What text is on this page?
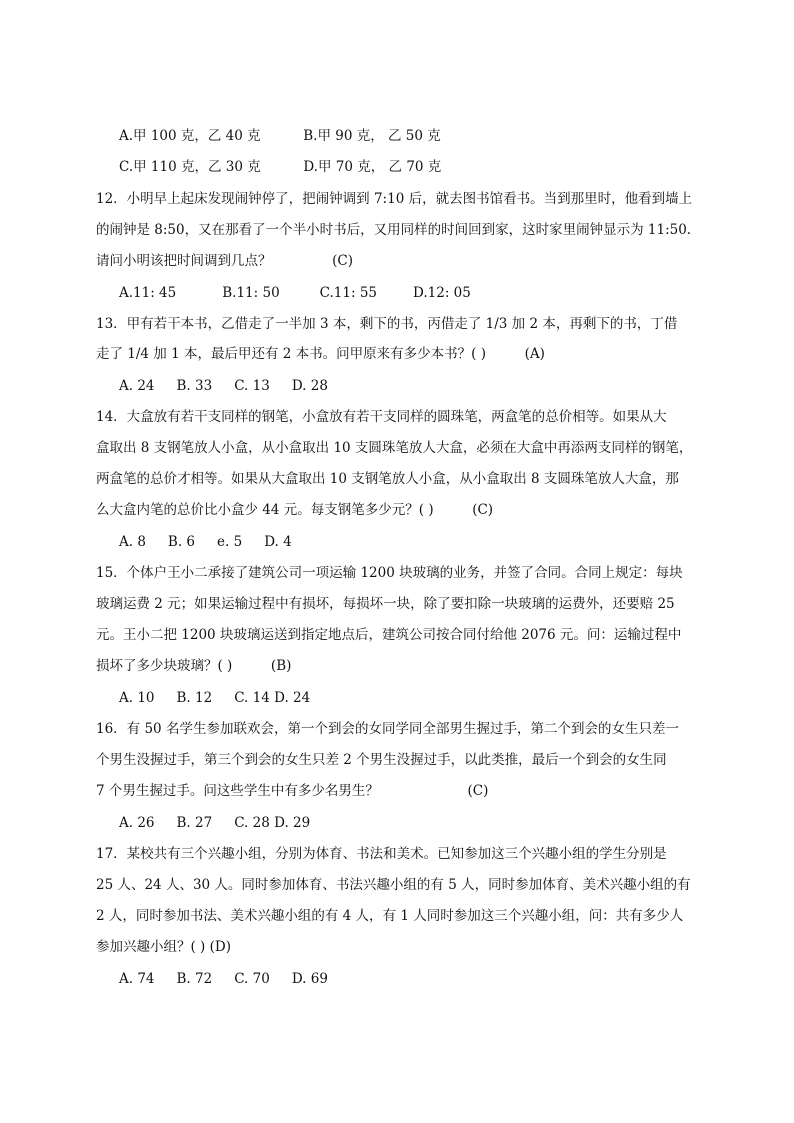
A.甲 100 克，乙 40 克	B.甲 90 克， 乙 50 克
C.甲 110 克，乙 30 克	D.甲 70 克， 乙 70 克
12．小明早上起床发现闹钟停了，把闹钟调到 7:10 后，就去图书馆看书。当到那里时，他看到墙上
的闹钟是 8:50，又在那看了一个半小时书后，又用同样的时间回到家，这时家里闹钟显示为 11:50.
请问小明该把时间调到几点？	(C)
A.11: 45	B.11: 50	C.11: 55	D.12: 05
13．甲有若干本书，乙借走了一半加 3 本，剩下的书，丙借走了 1/3 加 2 本，再剩下的书，丁借
走了 1/4 加 1 本，最后甲还有 2 本书。问甲原来有多少本书？( )	(A)
A. 24 B. 33 C. 13 D. 28
14．大盒放有若干支同样的钢笔，小盒放有若干支同样的圆珠笔，两盒笔的总价相等。如果从大
盒取出 8 支钢笔放人小盒，从小盒取出 10 支圆珠笔放人大盒，必须在大盒中再添两支同样的钢笔，
两盒笔的总价才相等。如果从大盒取出 10 支钢笔放人小盒，从小盒取出 8 支圆珠笔放人大盒，那
么大盒内笔的总价比小盒少 44 元。每支钢笔多少元？( )	(C)
A. 8 B. 6 e. 5 D. 4
15．个体户王小二承接了建筑公司一项运输 1200 块玻璃的业务，并签了合同。合同上规定：每块
玻璃运费 2 元；如果运输过程中有损坏，每损坏一块，除了要扣除一块玻璃的运费外，还要赔 25
元。王小二把 1200 块玻璃运送到指定地点后，建筑公司按合同付给他 2076 元。问：运输过程中
损坏了多少块玻璃？( )	(B)
A. 10 B. 12 C. 14 D. 24
16．有 50 名学生参加联欢会，第一个到会的女同学同全部男生握过手，第二个到会的女生只差一
个男生没握过手，第三个到会的女生只差 2 个男生没握过手，以此类推，最后一个到会的女生同
7 个男生握过手。问这些学生中有多少名男生？	(C)
A. 26 B. 27 C. 28 D. 29
17．某校共有三个兴趣小组，分别为体育、书法和美术。已知参加这三个兴趣小组的学生分别是
25 人、24 人、30 人。同时参加体育、书法兴趣小组的有 5 人，同时参加体育、美术兴趣小组的有
2 人，同时参加书法、美术兴趣小组的有 4 人，有 1 人同时参加这三个兴趣小组，问：共有多少人
参加兴趣小组？( ) (D)
A. 74 B. 72 C. 70 D. 69
